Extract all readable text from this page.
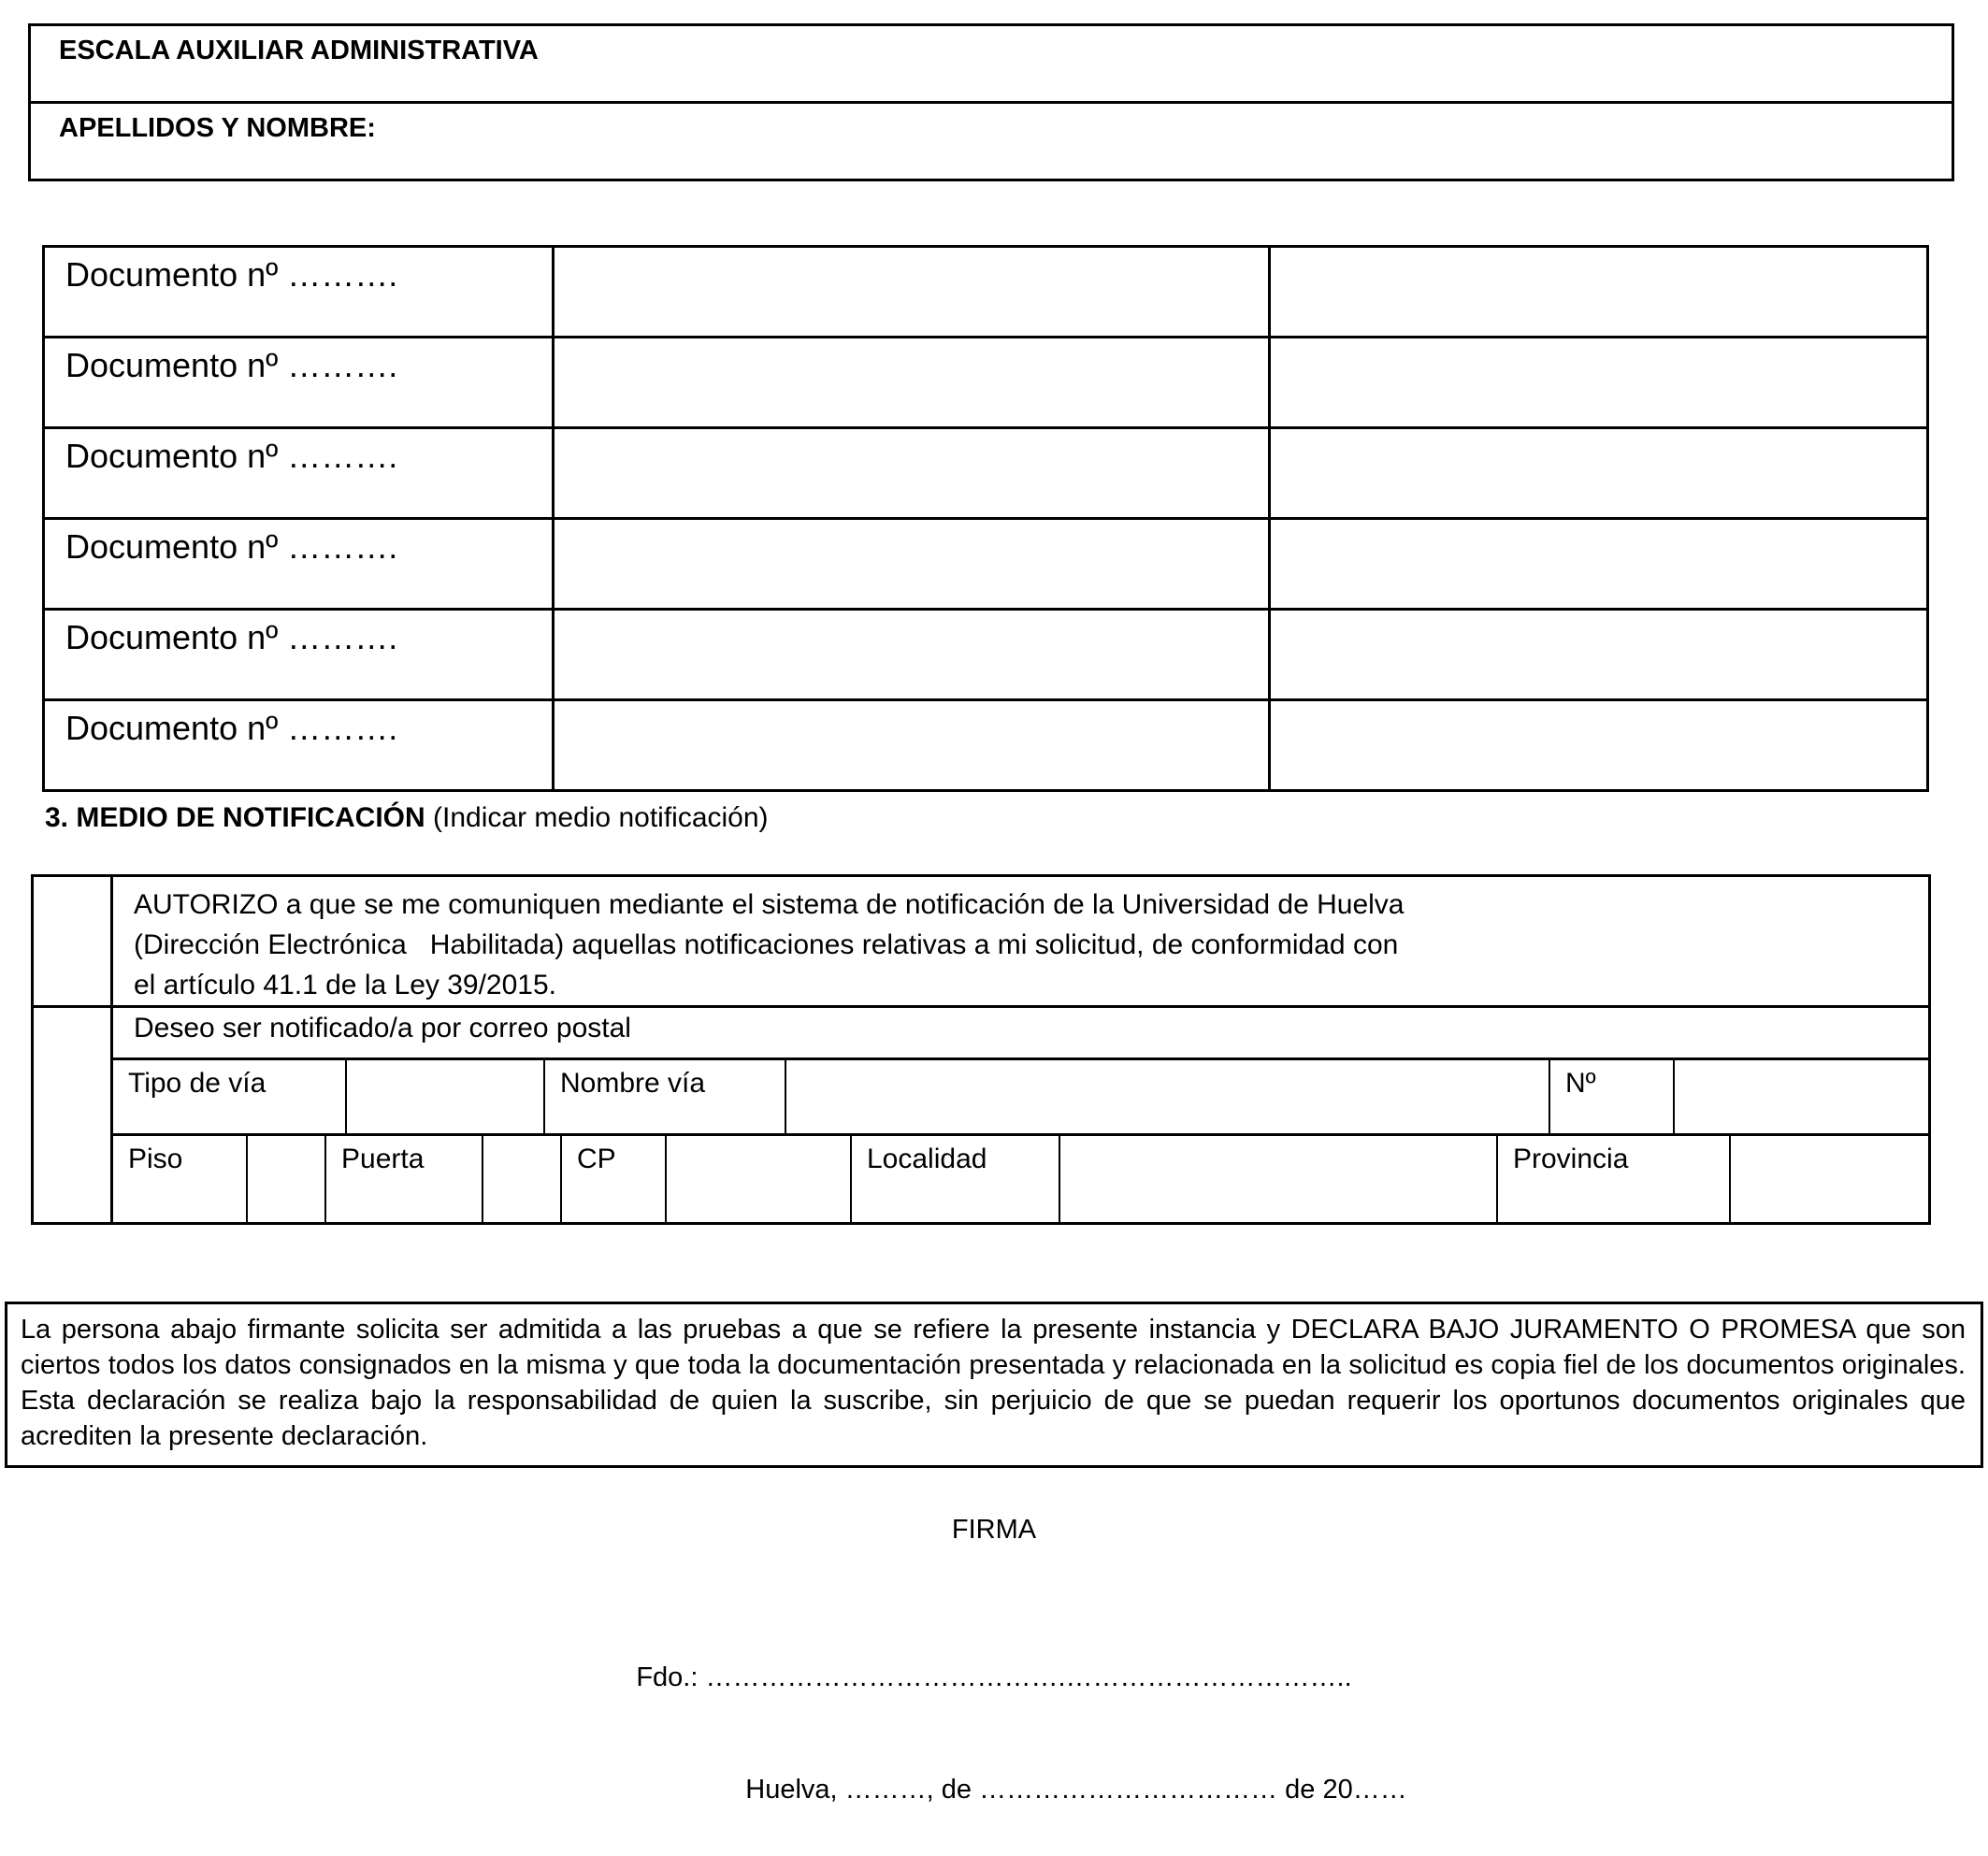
ESCALA AUXILIAR ADMINISTRATIVA
APELLIDOS Y NOMBRE:
Documento nº ……….		
Documento nº ……….		
Documento nº ……….		
Documento nº ……….		
Documento nº ……….		
Documento nº ……….		
3. MEDIO DE NOTIFICACIÓN (Indicar medio notificación)
AUTORIZO a que se me comuniquen mediante el sistema de notificación de la Universidad de Huelva
(Dirección Electrónica   Habilitada) aquellas notificaciones relativas a mi solicitud, de conformidad con
el artículo 41.1 de la Ley 39/2015.
Deseo ser notificado/a por correo postal
Tipo de vía	Nombre vía	Nº
Piso	Puerta	CP	Localidad	Provincia
La persona abajo firmante solicita ser admitida a las pruebas a que se refiere la presente instancia y DECLARA BAJO JURAMENTO O PROMESA que son ciertos todos los datos consignados en la misma y que toda la documentación presentada y relacionada en la solicitud es copia fiel de los documentos originales. Esta declaración se realiza bajo la responsabilidad de quien la suscribe, sin perjuicio de que se puedan requerir los oportunos documentos originales que acrediten la presente declaración.
FIRMA
Fdo.: ………………………………….…………………………..
Huelva, ………, de …………………………… de 20……
